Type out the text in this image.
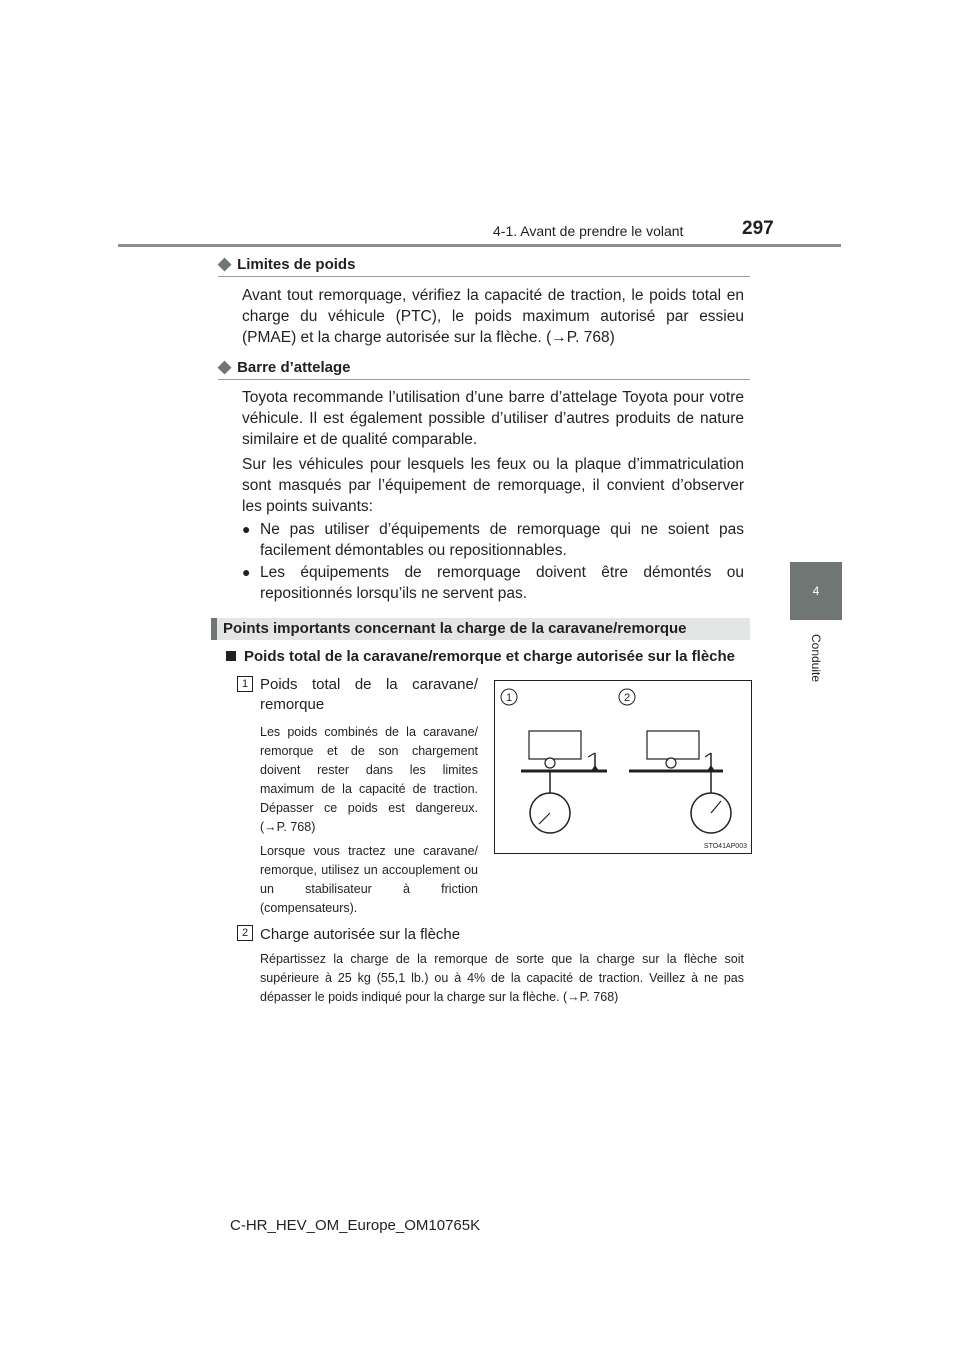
4-1. Avant de prendre le volant	297
4
Conduite
◆ Limites de poids
Avant tout remorquage, vérifiez la capacité de traction, le poids total en charge du véhicule (PTC), le poids maximum autorisé par essieu (PMAE) et la charge autorisée sur la flèche. (→P. 768)
◆ Barre d’attelage
Toyota recommande l’utilisation d’une barre d’attelage Toyota pour votre véhicule. Il est également possible d’utiliser d’autres produits de nature similaire et de qualité comparable.
Sur les véhicules pour lesquels les feux ou la plaque d’immatriculation sont masqués par l’équipement de remorquage, il convient d’observer les points suivants:
● Ne pas utiliser d’équipements de remorquage qui ne soient pas facilement démontables ou repositionnables.
● Les équipements de remorquage doivent être démontés ou repositionnés lorsqu’ils ne servent pas.
Points importants concernant la charge de la caravane/remorque
Poids total de la caravane/remorque et charge autorisée sur la flèche
1 Poids total de la caravane/ remorque
Les poids combinés de la caravane/ remorque et de son chargement doivent rester dans les limites maximum de la capacité de traction. Dépasser ce poids est dangereux. (→P. 768)
Lorsque vous tractez une caravane/ remorque, utilisez un accouplement ou un stabilisateur à friction (compensateurs).
1	2
STO41AP003
2 Charge autorisée sur la flèche
Répartissez la charge de la remorque de sorte que la charge sur la flèche soit supérieure à 25 kg (55,1 lb.) ou à 4% de la capacité de traction. Veillez à ne pas dépasser le poids indiqué pour la charge sur la flèche. (→P. 768)
C-HR_HEV_OM_Europe_OM10765K
